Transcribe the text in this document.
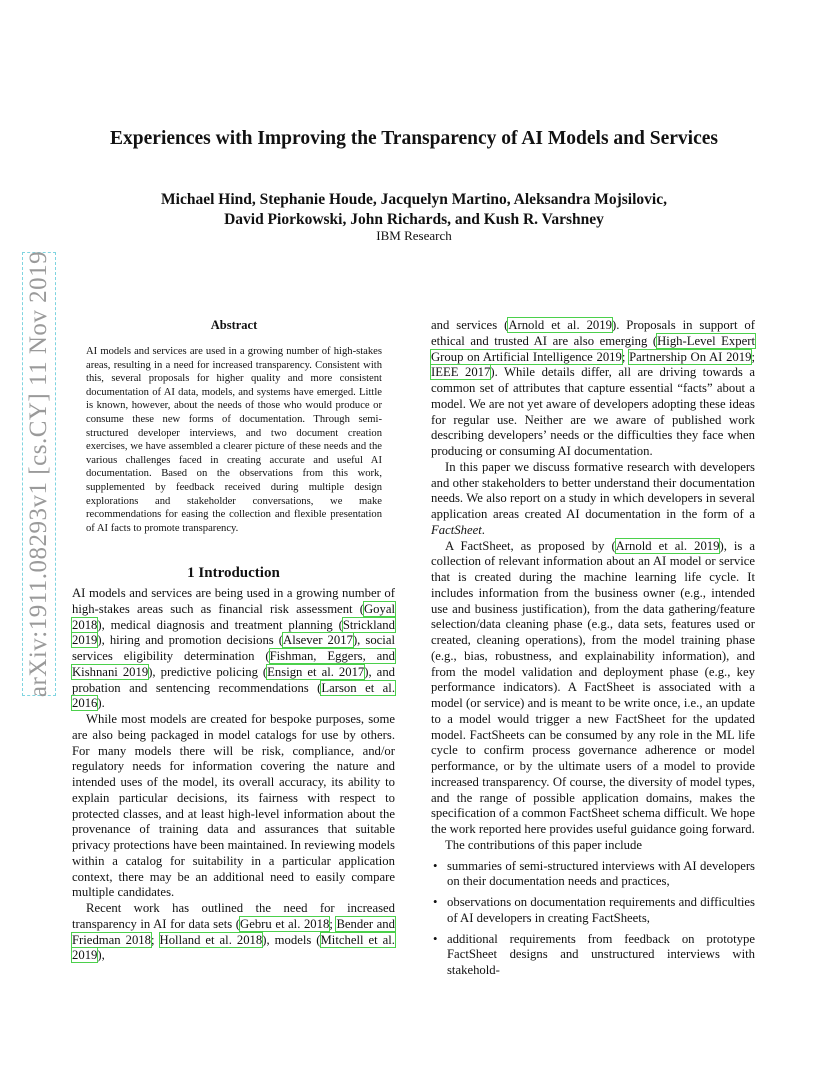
arXiv:1911.08293v1 [cs.CY] 11 Nov 2019
Experiences with Improving the Transparency of AI Models and Services
Michael Hind, Stephanie Houde, Jacquelyn Martino, Aleksandra Mojsilovic,
David Piorkowski, John Richards, and Kush R. Varshney
IBM Research
Abstract

AI models and services are used in a growing number of high-stakes areas, resulting in a need for increased transparency. Consistent with this, several proposals for higher quality and more consistent documentation of AI data, models, and systems have emerged. Little is known, however, about the needs of those who would produce or consume these new forms of documentation. Through semi-structured developer interviews, and two document creation exercises, we have assembled a clearer picture of these needs and the various challenges faced in creating accurate and useful AI documentation. Based on the observations from this work, supplemented by feedback received during multiple design explorations and stakeholder conversations, we make recommendations for easing the collection and flexible presentation of AI facts to promote transparency.

1 Introduction

AI models and services are being used in a growing number of high-stakes areas such as financial risk assessment (Goyal 2018), medical diagnosis and treatment planning (Strickland 2019), hiring and promotion decisions (Alsever 2017), social services eligibility determination (Fishman, Eggers, and Kishnani 2019), predictive policing (Ensign et al. 2017), and probation and sentencing recommendations (Larson et al. 2016).

While most models are created for bespoke purposes, some are also being packaged in model catalogs for use by others. For many models there will be risk, compliance, and/or regulatory needs for information covering the nature and intended uses of the model, its overall accuracy, its ability to explain particular decisions, its fairness with respect to protected classes, and at least high-level information about the provenance of training data and assurances that suitable privacy protections have been maintained. In reviewing models within a catalog for suitability in a particular application context, there may be an additional need to easily compare multiple candidates.

Recent work has outlined the need for increased transparency in AI for data sets (Gebru et al. 2018; Bender and Friedman 2018; Holland et al. 2018), models (Mitchell et al. 2019),

and services (Arnold et al. 2019). Proposals in support of ethical and trusted AI are also emerging (High-Level Expert Group on Artificial Intelligence 2019; Partnership On AI 2019; IEEE 2017). While details differ, all are driving towards a common set of attributes that capture essential “facts” about a model. We are not yet aware of developers adopting these ideas for regular use. Neither are we aware of published work describing developers’ needs or the difficulties they face when producing or consuming AI documentation.

In this paper we discuss formative research with developers and other stakeholders to better understand their documentation needs. We also report on a study in which developers in several application areas created AI documentation in the form of a FactSheet.

A FactSheet, as proposed by (Arnold et al. 2019), is a collection of relevant information about an AI model or service that is created during the machine learning life cycle. It includes information from the business owner (e.g., intended use and business justification), from the data gathering/feature selection/data cleaning phase (e.g., data sets, features used or created, cleaning operations), from the model training phase (e.g., bias, robustness, and explainability information), and from the model validation and deployment phase (e.g., key performance indicators). A FactSheet is associated with a model (or service) and is meant to be write once, i.e., an update to a model would trigger a new FactSheet for the updated model. FactSheets can be consumed by any role in the ML life cycle to confirm process governance adherence or model performance, or by the ultimate users of a model to provide increased transparency. Of course, the diversity of model types, and the range of possible application domains, makes the specification of a common FactSheet schema difficult. We hope the work reported here provides useful guidance going forward.

The contributions of this paper include

• summaries of semi-structured interviews with AI developers on their documentation needs and practices,
• observations on documentation requirements and difficulties of AI developers in creating FactSheets,
• additional requirements from feedback on prototype FactSheet designs and unstructured interviews with stakehold-
